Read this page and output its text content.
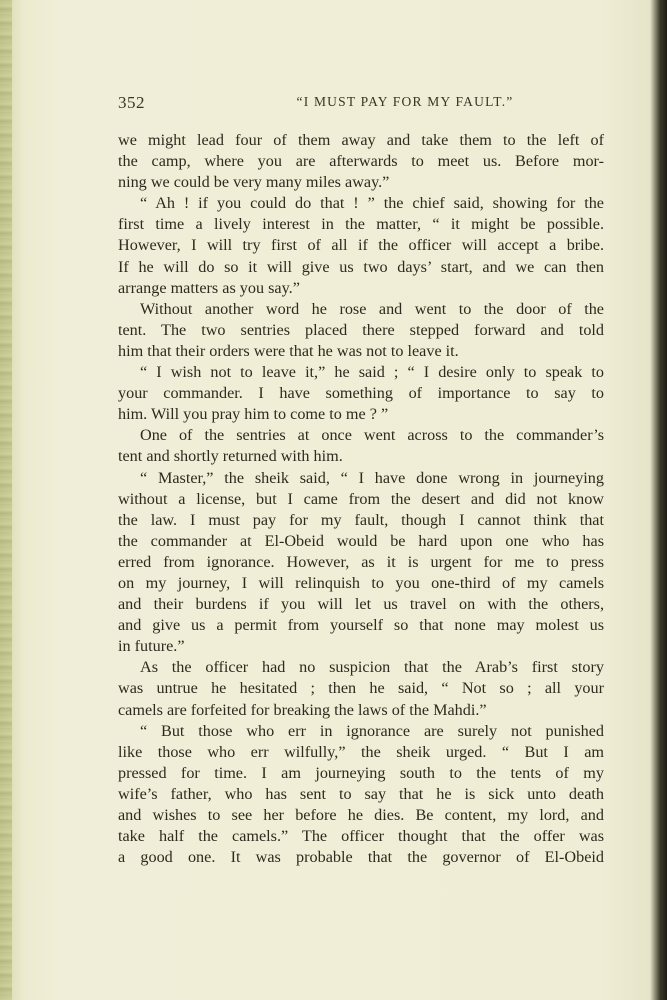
352	“I MUST PAY FOR MY FAULT.”
we might lead four of them away and take them to the left of
the camp, where you are afterwards to meet us. Before mor-
ning we could be very many miles away.”
“ Ah ! if you could do that ! ” the chief said, showing for the
first time a lively interest in the matter, “ it might be possible.
However, I will try first of all if the officer will accept a bribe.
If he will do so it will give us two days’ start, and we can then
arrange matters as you say.”
Without another word he rose and went to the door of the
tent. The two sentries placed there stepped forward and told
him that their orders were that he was not to leave it.
“ I wish not to leave it,” he said ; “ I desire only to speak to
your commander. I have something of importance to say to
him. Will you pray him to come to me ? ”
One of the sentries at once went across to the commander’s
tent and shortly returned with him.
“ Master,” the sheik said, “ I have done wrong in journeying
without a license, but I came from the desert and did not know
the law. I must pay for my fault, though I cannot think that
the commander at El-Obeid would be hard upon one who has
erred from ignorance. However, as it is urgent for me to press
on my journey, I will relinquish to you one-third of my camels
and their burdens if you will let us travel on with the others,
and give us a permit from yourself so that none may molest us
in future.”
As the officer had no suspicion that the Arab’s first story
was untrue he hesitated ; then he said, “ Not so ; all your
camels are forfeited for breaking the laws of the Mahdi.”
“ But those who err in ignorance are surely not punished
like those who err wilfully,” the sheik urged. “ But I am
pressed for time. I am journeying south to the tents of my
wife’s father, who has sent to say that he is sick unto death
and wishes to see her before he dies. Be content, my lord, and
take half the camels.” The officer thought that the offer was
a good one. It was probable that the governor of El-Obeid
